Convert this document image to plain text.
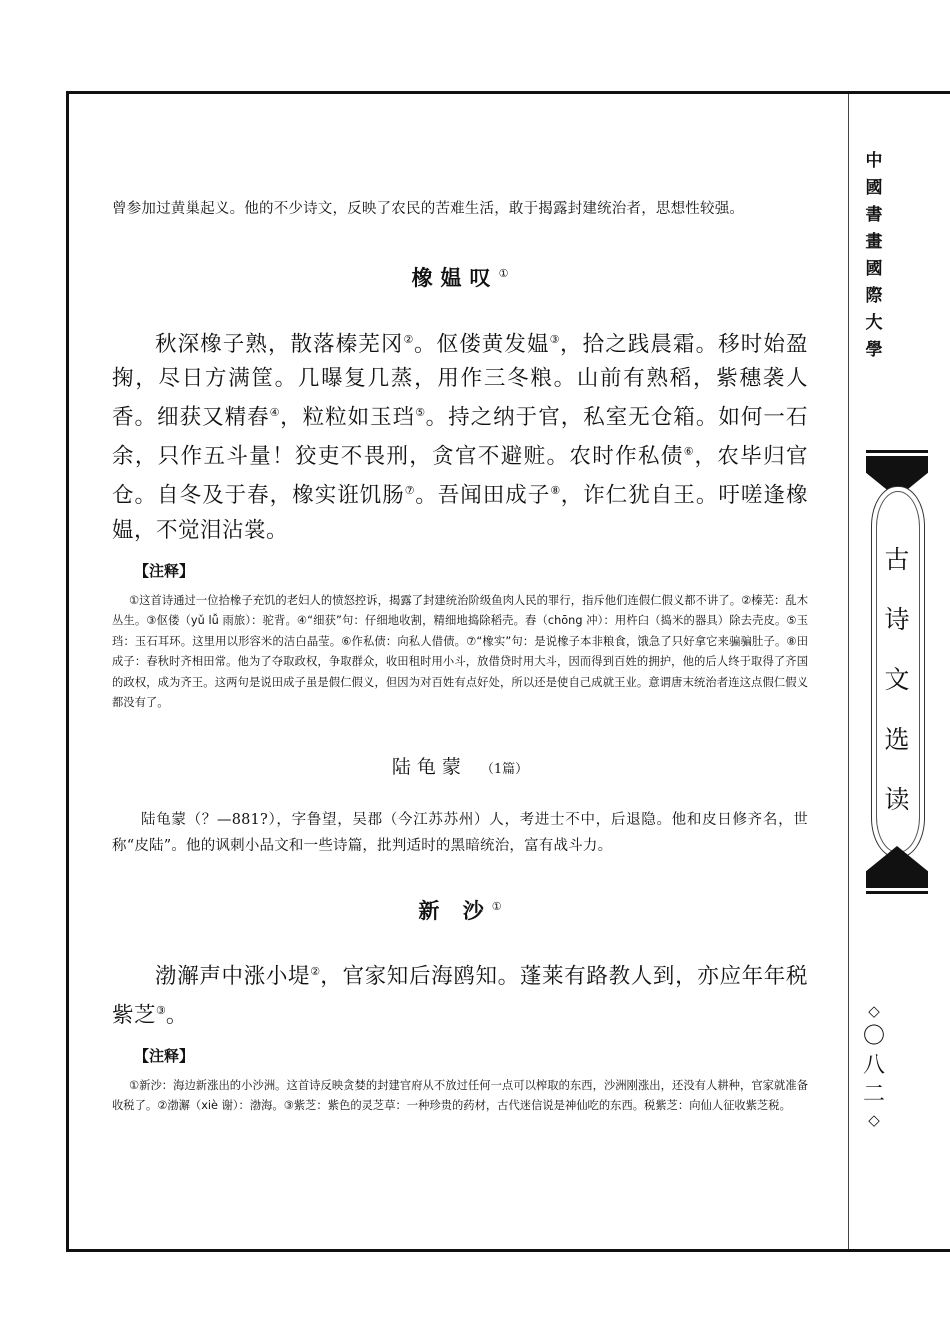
曾参加过黄巢起义。他的不少诗文，反映了农民的苦难生活，敢于揭露封建统治者，思想性较强。

橡媪叹①

秋深橡子熟，散落榛芜冈②。伛偻黄发媪③，拾之践晨霜。移时始盈掬，尽日方满筐。几曝复几蒸，用作三冬粮。山前有熟稻，紫穗袭人香。细获又精舂④，粒粒如玉珰⑤。持之纳于官，私室无仓箱。如何一石余，只作五斗量！狡吏不畏刑，贪官不避赃。农时作私债⑥，农毕归官仓。自冬及于春，橡实诳饥肠⑦。吾闻田成子⑧，诈仁犹自王。吁嗟逢橡媪，不觉泪沾裳。

【注释】

①这首诗通过一位拾橡子充饥的老妇人的愤怒控诉，揭露了封建统治阶级鱼肉人民的罪行，指斥他们连假仁假义都不讲了。②榛芜：乱木丛生。③伛偻（yǔ lǚ 雨旅）：驼背。④“细获”句：仔细地收割，精细地捣除稻壳。舂（chōng 冲）：用杵臼（捣米的器具）除去壳皮。⑤玉珰：玉石耳环。这里用以形容米的洁白晶莹。⑥作私债：向私人借债。⑦“橡实”句：是说橡子本非粮食，饿急了只好拿它来骗骗肚子。⑧田成子：春秋时齐相田常。他为了夺取政权，争取群众，收田租时用小斗，放借贷时用大斗，因而得到百姓的拥护，他的后人终于取得了齐国的政权，成为齐王。这两句是说田成子虽是假仁假义，但因为对百姓有点好处，所以还是使自己成就王业。意谓唐末统治者连这点假仁假义都没有了。

陆龟蒙 （1篇）

陆龟蒙（？—881?），字鲁望，吴郡（今江苏苏州）人，考进士不中，后退隐。他和皮日修齐名，世称“皮陆”。他的讽刺小品文和一些诗篇，批判适时的黑暗统治，富有战斗力。

新 沙①

渤澥声中涨小堤②，官家知后海鸥知。蓬莱有路教人到，亦应年年税紫芝③。

【注释】

①新沙：海边新涨出的小沙洲。这首诗反映贪婪的封建官府从不放过任何一点可以榨取的东西，沙洲刚涨出，还没有人耕种，官家就准备收税了。②渤澥（xiè 谢）：渤海。③紫芝：紫色的灵芝草：一种珍贵的药材，古代迷信说是神仙吃的东西。税紫芝：向仙人征收紫芝税。

中
國
書
畫
國
際
大
學
古
诗
文
选
读
◇
〇
八
二
◇
